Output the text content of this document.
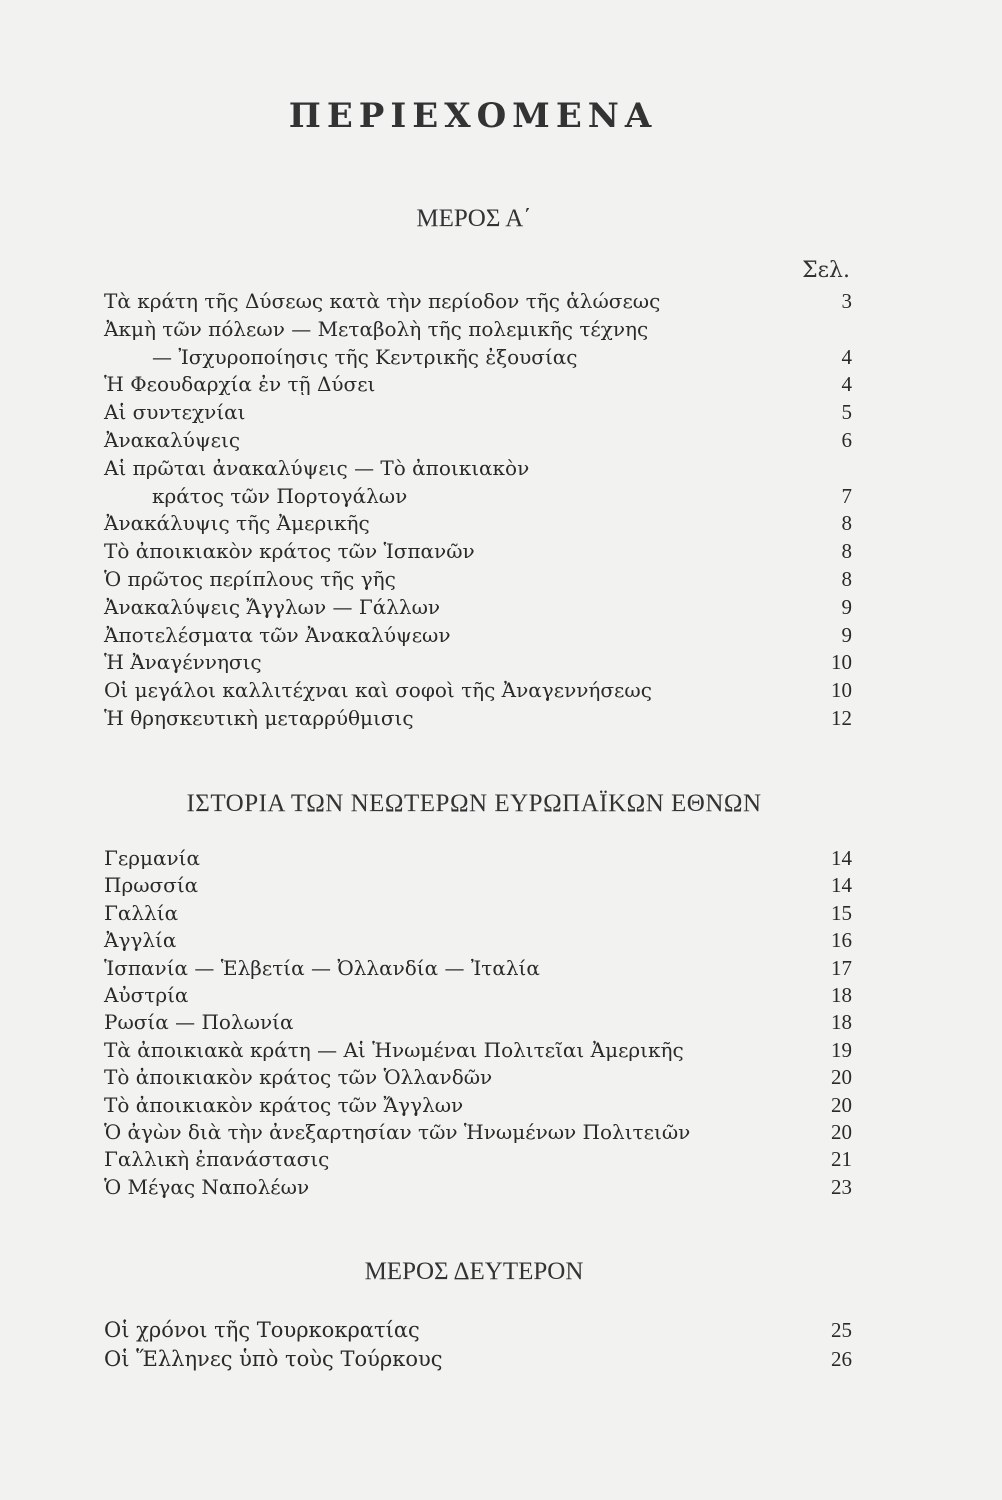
ΠΕΡΙΕΧΟΜΕΝΑ
ΜΕΡΟΣ Α΄
Σελ.
Τὰ κράτη τῆς Δύσεως κατὰ τὴν περίοδον τῆς ἁλώσεως	3
Ἀκμὴ τῶν πόλεων — Μεταβολὴ τῆς πολεμικῆς τέχνης
— Ἰσχυροποίησις τῆς Κεντρικῆς ἐξουσίας	4
Ἡ Φεουδαρχία ἐν τῇ Δύσει	4
Αἱ συντεχνίαι	5
Ἀνακαλύψεις	6
Αἱ πρῶται ἀνακαλύψεις — Τὸ ἀποικιακὸν
κράτος τῶν Πορτογάλων	7
Ἀνακάλυψις τῆς Ἀμερικῆς	8
Τὸ ἀποικιακὸν κράτος τῶν Ἱσπανῶν	8
Ὁ πρῶτος περίπλους τῆς γῆς	8
Ἀνακαλύψεις Ἄγγλων — Γάλλων	9
Ἀποτελέσματα τῶν Ἀνακαλύψεων	9
Ἡ Ἀναγέννησις	10
Οἱ μεγάλοι καλλιτέχναι καὶ σοφοὶ τῆς Ἀναγεννήσεως	10
Ἡ θρησκευτικὴ μεταρρύθμισις	12
ΙΣΤΟΡΙΑ ΤΩΝ ΝΕΩΤΕΡΩΝ ΕΥΡΩΠΑΪΚΩΝ ΕΘΝΩΝ
Γερμανία	14
Πρωσσία	14
Γαλλία	15
Ἀγγλία	16
Ἱσπανία — Ἑλβετία — Ὀλλανδία — Ἰταλία	17
Αὐστρία	18
Ρωσία — Πολωνία	18
Τὰ ἀποικιακὰ κράτη — Αἱ Ἡνωμέναι Πολιτεῖαι Ἀμερικῆς	19
Τὸ ἀποικιακὸν κράτος τῶν Ὁλλανδῶν	20
Τὸ ἀποικιακὸν κράτος τῶν Ἄγγλων	20
Ὁ ἀγὼν διὰ τὴν ἀνεξαρτησίαν τῶν Ἡνωμένων Πολιτειῶν	20
Γαλλικὴ ἐπανάστασις	21
Ὁ Μέγας Ναπολέων	23
ΜΕΡΟΣ ΔΕΥΤΕΡΟΝ
Οἱ χρόνοι τῆς Τουρκοκρατίας	25
Οἱ Ἕλληνες ὑπὸ τοὺς Τούρκους	26
